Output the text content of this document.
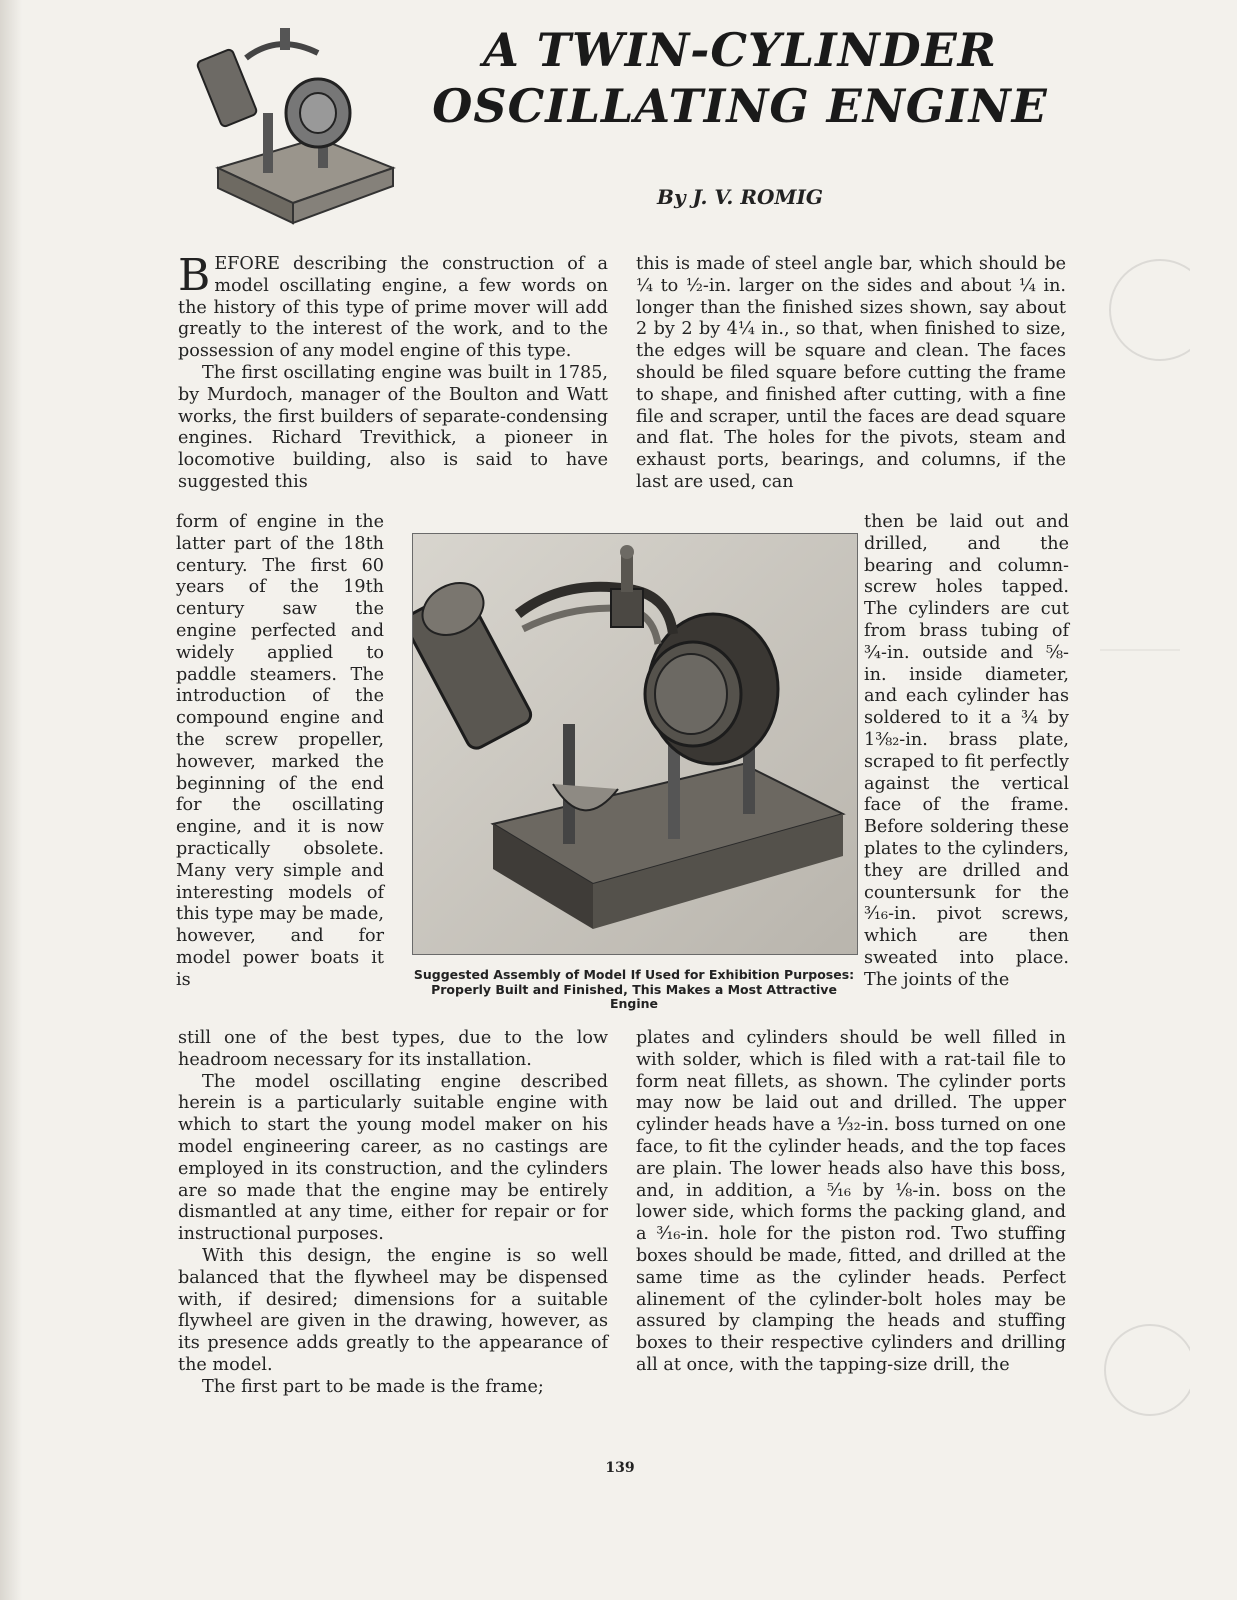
A TWIN-CYLINDER
OSCILLATING ENGINE
By J. V. ROMIG

BEFORE describing the construction of a model oscillating engine, a few words on the history of this type of prime mover will add greatly to the interest of the work, and to the possession of any model engine of this type.

The first oscillating engine was built in 1785, by Murdoch, manager of the Boulton and Watt works, the first builders of separate-condensing engines. Richard Trevithick, a pioneer in locomotive building, also is said to have suggested this

form of engine in the latter part of the 18th century. The first 60 years of the 19th century saw the engine perfected and widely applied to paddle steamers. The introduction of the compound engine and the screw propeller, however, marked the beginning of the end for the oscillating engine, and it is now practically obsolete. Many very simple and interesting models of this type may be made, however, and for model power boats it is

still one of the best types, due to the low headroom necessary for its installation.

The model oscillating engine described herein is a particularly suitable engine with which to start the young model maker on his model engineering career, as no castings are employed in its construction, and the cylinders are so made that the engine may be entirely dismantled at any time, either for repair or for instructional purposes.

With this design, the engine is so well balanced that the flywheel may be dispensed with, if desired; dimensions for a suitable flywheel are given in the drawing, however, as its presence adds greatly to the appearance of the model.

The first part to be made is the frame;

this is made of steel angle bar, which should be ¼ to ½-in. larger on the sides and about ¼ in. longer than the finished sizes shown, say about 2 by 2 by 4¼ in., so that, when finished to size, the edges will be square and clean. The faces should be filed square before cutting the frame to shape, and finished after cutting, with a fine file and scraper, until the faces are dead square and flat. The holes for the pivots, steam and exhaust ports, bearings, and columns, if the last are used, can

then be laid out and drilled, and the bearing and column-screw holes tapped. The cylinders are cut from brass tubing of ¾-in. outside and ⅝-in. inside diameter, and each cylinder has soldered to it a ¾ by 1⅜₂-in. brass plate, scraped to fit perfectly against the vertical face of the frame. Before soldering these plates to the cylinders, they are drilled and countersunk for the ³⁄₁₆-in. pivot screws, which are then sweated into place. The joints of the

plates and cylinders should be well filled in with solder, which is filed with a rat-tail file to form neat fillets, as shown. The cylinder ports may now be laid out and drilled. The upper cylinder heads have a ⅓₂-in. boss turned on one face, to fit the cylinder heads, and the top faces are plain. The lower heads also have this boss, and, in addition, a ⁵⁄₁₆ by ⅛-in. boss on the lower side, which forms the packing gland, and a ³⁄₁₆-in. hole for the piston rod. Two stuffing boxes should be made, fitted, and drilled at the same time as the cylinder heads. Perfect alinement of the cylinder-bolt holes may be assured by clamping the heads and stuffing boxes to their respective cylinders and drilling all at once, with the tapping-size drill, the

Suggested Assembly of Model If Used for Exhibition Purposes: Properly Built and Finished, This Makes a Most Attractive Engine
139
